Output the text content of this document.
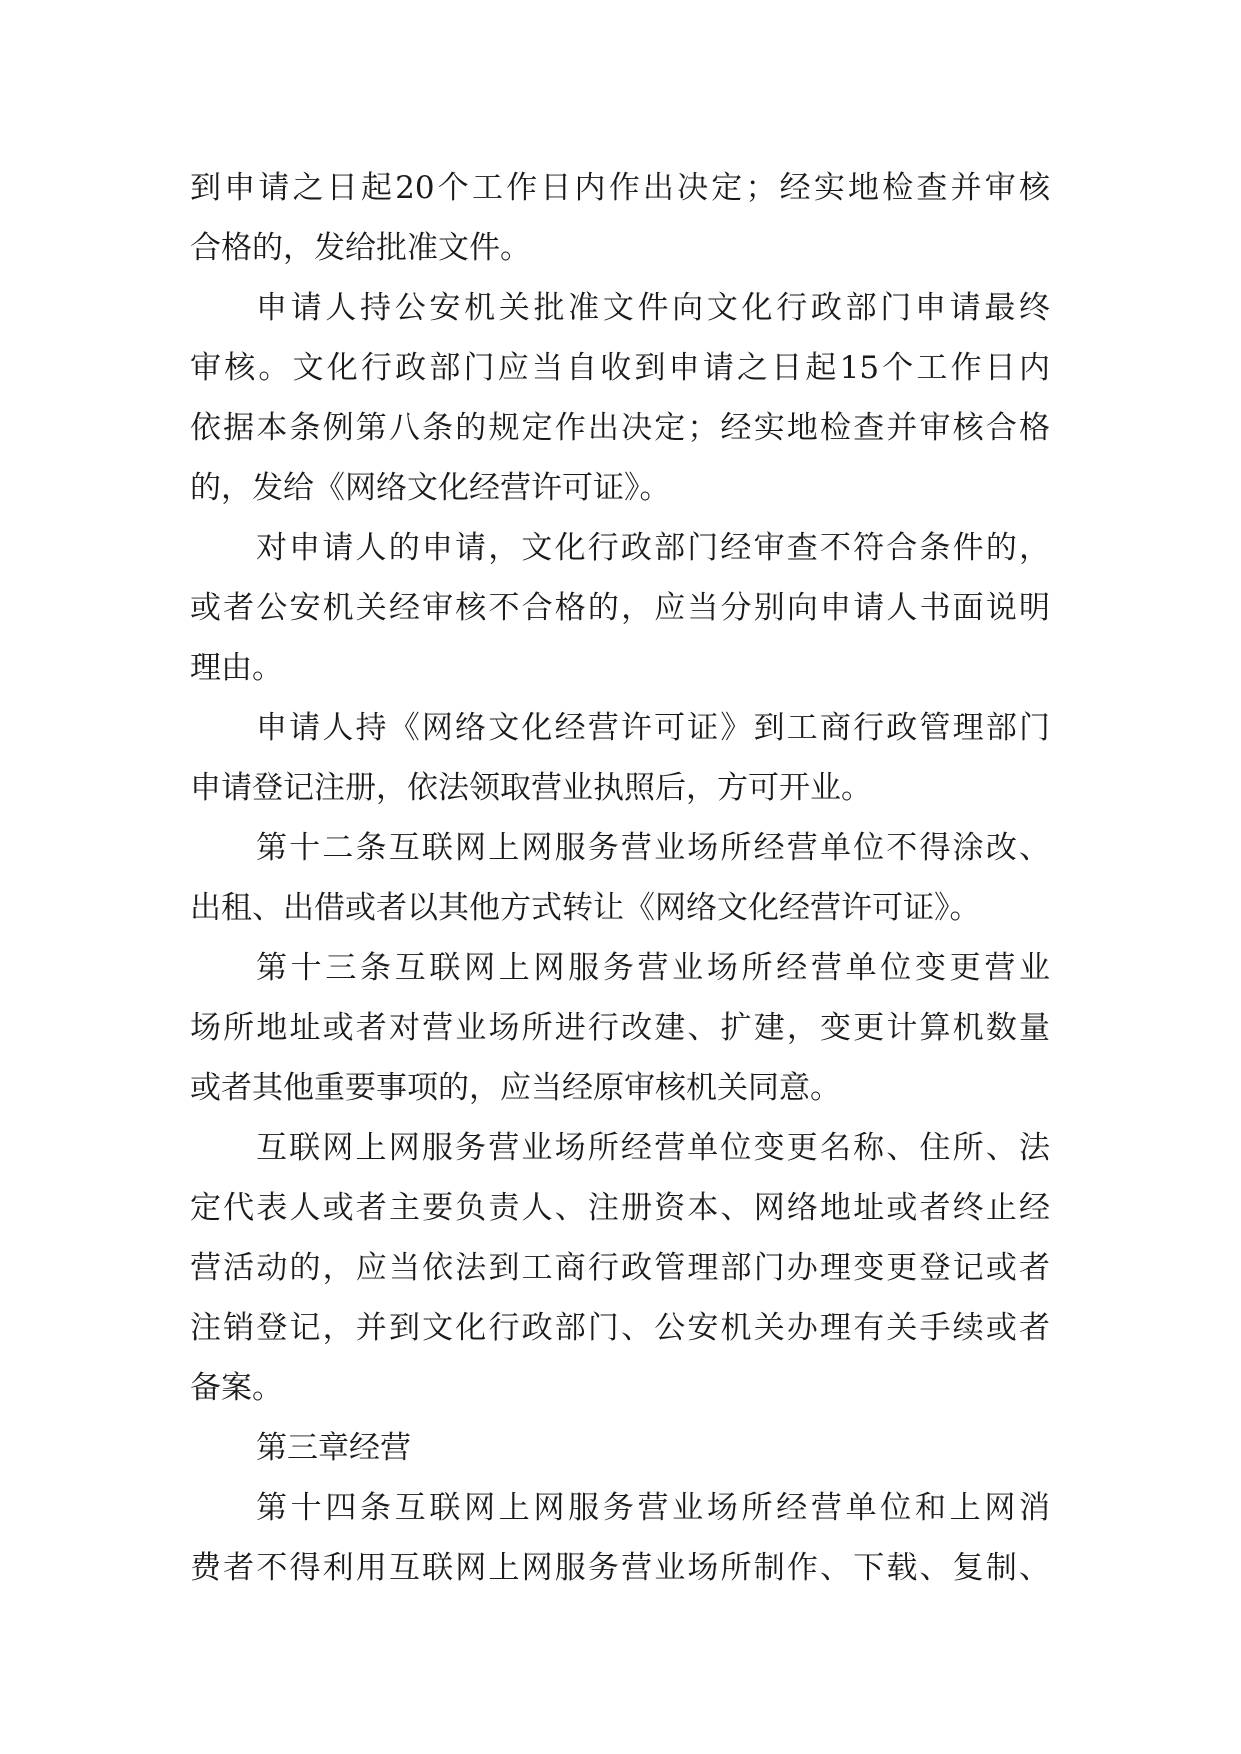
到申请之日起20个工作日内作出决定；经实地检查并审核
合格的，发给批准文件。
申请人持公安机关批准文件向文化行政部门申请最终
审核。文化行政部门应当自收到申请之日起15个工作日内
依据本条例第八条的规定作出决定；经实地检查并审核合格
的，发给《网络文化经营许可证》。
对申请人的申请，文化行政部门经审查不符合条件的，
或者公安机关经审核不合格的，应当分别向申请人书面说明
理由。
申请人持《网络文化经营许可证》到工商行政管理部门
申请登记注册，依法领取营业执照后，方可开业。
第十二条互联网上网服务营业场所经营单位不得涂改、
出租、出借或者以其他方式转让《网络文化经营许可证》。
第十三条互联网上网服务营业场所经营单位变更营业
场所地址或者对营业场所进行改建、扩建，变更计算机数量
或者其他重要事项的，应当经原审核机关同意。
互联网上网服务营业场所经营单位变更名称、住所、法
定代表人或者主要负责人、注册资本、网络地址或者终止经
营活动的，应当依法到工商行政管理部门办理变更登记或者
注销登记，并到文化行政部门、公安机关办理有关手续或者
备案。
第三章经营
第十四条互联网上网服务营业场所经营单位和上网消
费者不得利用互联网上网服务营业场所制作、下载、复制、
